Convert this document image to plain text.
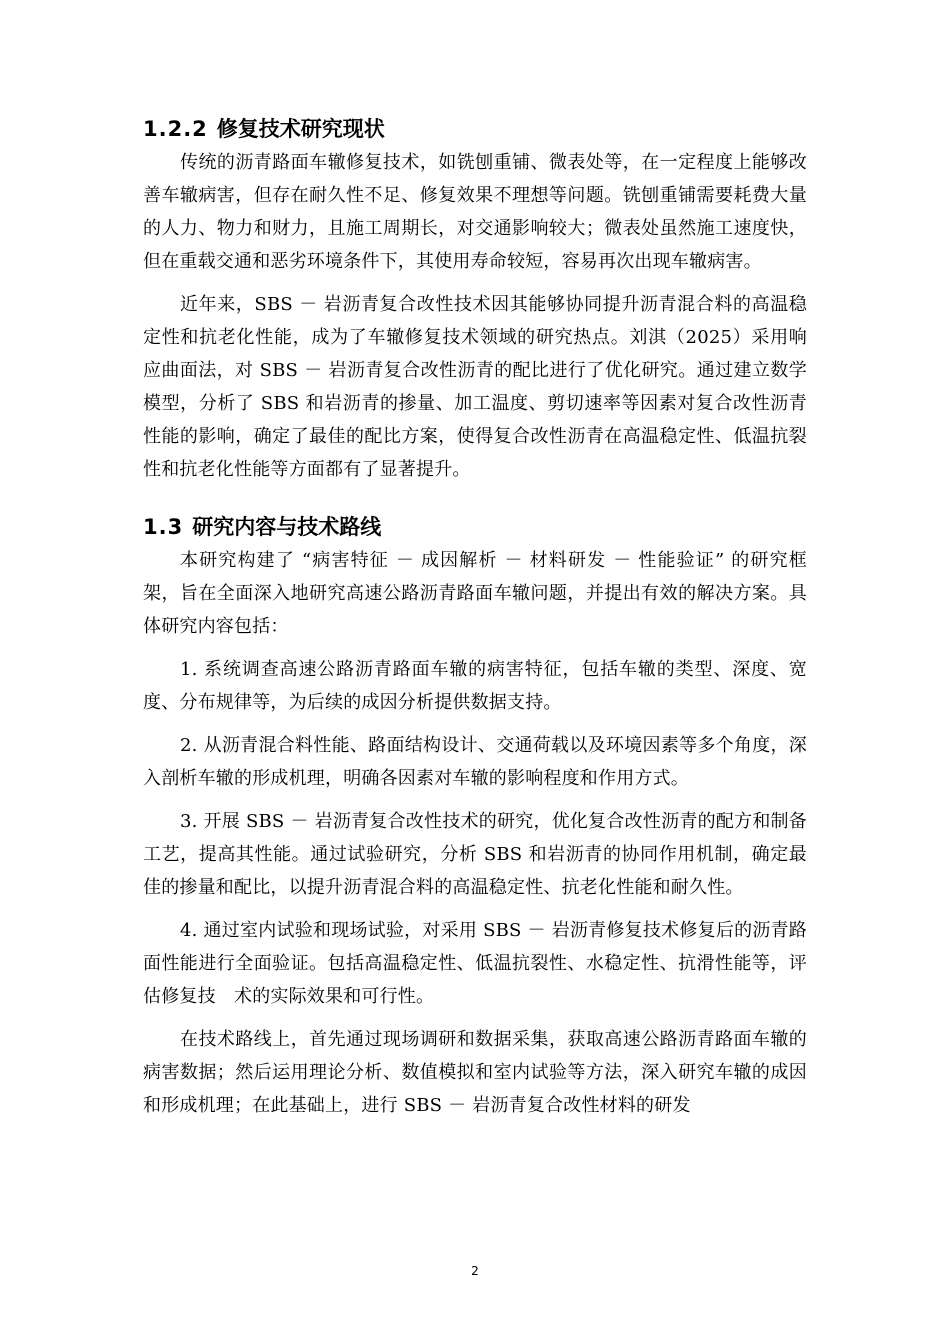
1.2.2 修复技术研究现状

传统的沥青路面车辙修复技术，如铣刨重铺、微表处等，在一定程度上能够改善车辙病害，但存在耐久性不足、修复效果不理想等问题。铣刨重铺需要耗费大量的人力、物力和财力，且施工周期长，对交通影响较大；微表处虽然施工速度快，但在重载交通和恶劣环境条件下，其使用寿命较短，容易再次出现车辙病害。

近年来，SBS － 岩沥青复合改性技术因其能够协同提升沥青混合料的高温稳定性和抗老化性能，成为了车辙修复技术领域的研究热点。刘淇（2025）采用响应曲面法，对 SBS － 岩沥青复合改性沥青的配比进行了优化研究。通过建立数学模型，分析了 SBS 和岩沥青的掺量、加工温度、剪切速率等因素对复合改性沥青性能的影响，确定了最佳的配比方案，使得复合改性沥青在高温稳定性、低温抗裂性和抗老化性能等方面都有了显著提升。

1.3 研究内容与技术路线

本研究构建了 “病害特征 － 成因解析 － 材料研发 － 性能验证” 的研究框架，旨在全面深入地研究高速公路沥青路面车辙问题，并提出有效的解决方案。具体研究内容包括：

1. 系统调查高速公路沥青路面车辙的病害特征，包括车辙的类型、深度、宽度、分布规律等，为后续的成因分析提供数据支持。

2. 从沥青混合料性能、路面结构设计、交通荷载以及环境因素等多个角度，深入剖析车辙的形成机理，明确各因素对车辙的影响程度和作用方式。

3. 开展 SBS － 岩沥青复合改性技术的研究，优化复合改性沥青的配方和制备工艺，提高其性能。通过试验研究，分析 SBS 和岩沥青的协同作用机制，确定最佳的掺量和配比，以提升沥青混合料的高温稳定性、抗老化性能和耐久性。

4. 通过室内试验和现场试验，对采用 SBS － 岩沥青修复技术修复后的沥青路面性能进行全面验证。包括高温稳定性、低温抗裂性、水稳定性、抗滑性能等，评估修复技　术的实际效果和可行性。

在技术路线上，首先通过现场调研和数据采集，获取高速公路沥青路面车辙的病害数据；然后运用理论分析、数值模拟和室内试验等方法，深入研究车辙的成因和形成机理；在此基础上，进行 SBS － 岩沥青复合改性材料的研发

2
